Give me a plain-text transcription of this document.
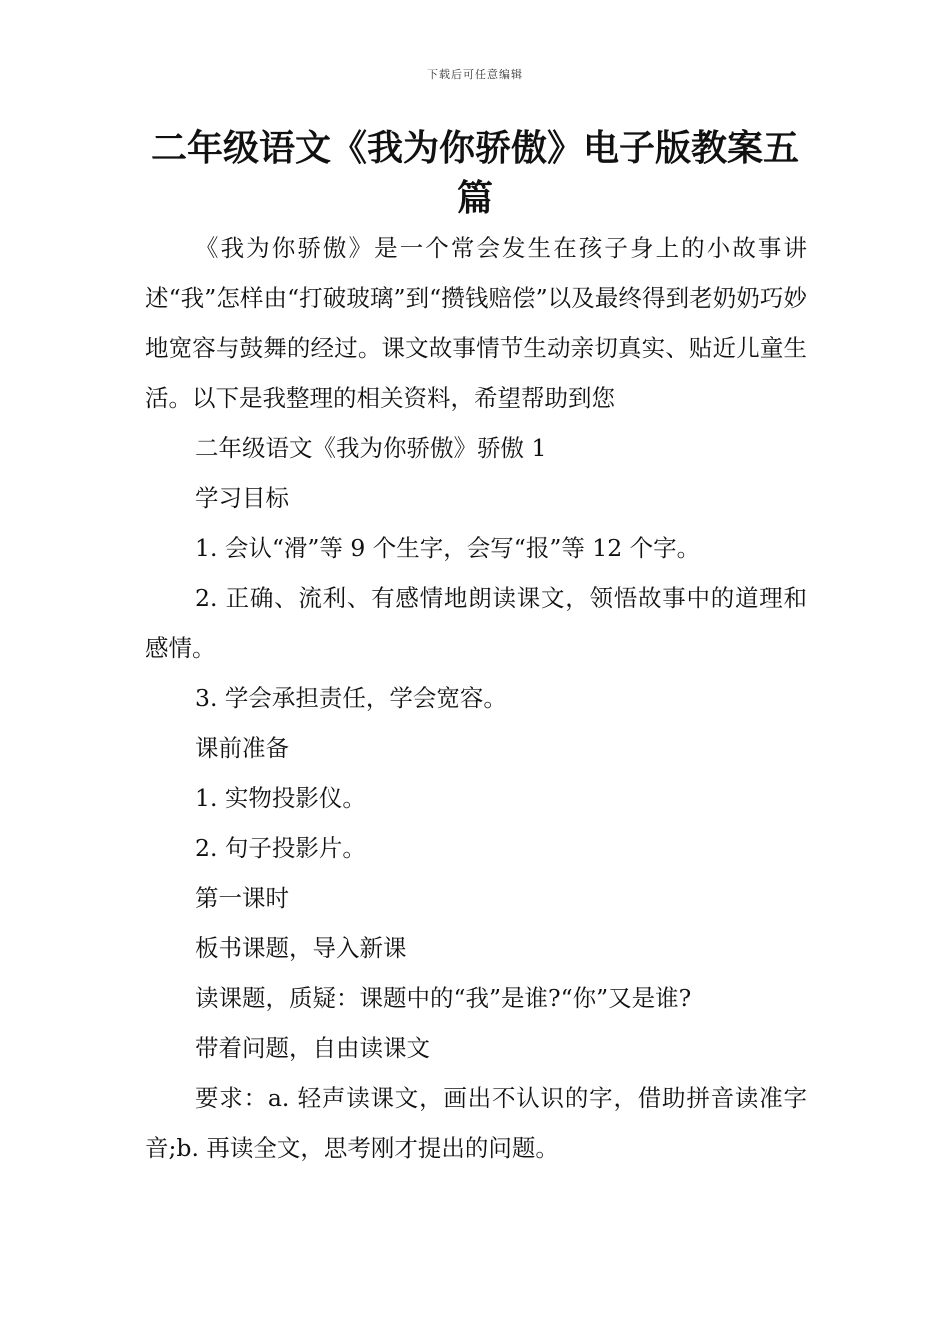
下载后可任意编辑
二年级语文《我为你骄傲》电子版教案五篇

《我为你骄傲》是一个常会发生在孩子身上的小故事讲述“我”怎样由“打破玻璃”到“攒钱赔偿”以及最终得到老奶奶巧妙地宽容与鼓舞的经过。课文故事情节生动亲切真实、贴近儿童生活。以下是我整理的相关资料，希望帮助到您

二年级语文《我为你骄傲》骄傲 1

学习目标

1. 会认“滑”等 9 个生字，会写“报”等 12 个字。

2. 正确、流利、有感情地朗读课文，领悟故事中的道理和感情。

3. 学会承担责任，学会宽容。

课前准备

1. 实物投影仪。

2. 句子投影片。

第一课时

板书课题，导入新课

读课题，质疑：课题中的“我”是谁?“你”又是谁?

带着问题，自由读课文

要求：a. 轻声读课文，画出不认识的字，借助拼音读准字音;b. 再读全文，思考刚才提出的问题。
